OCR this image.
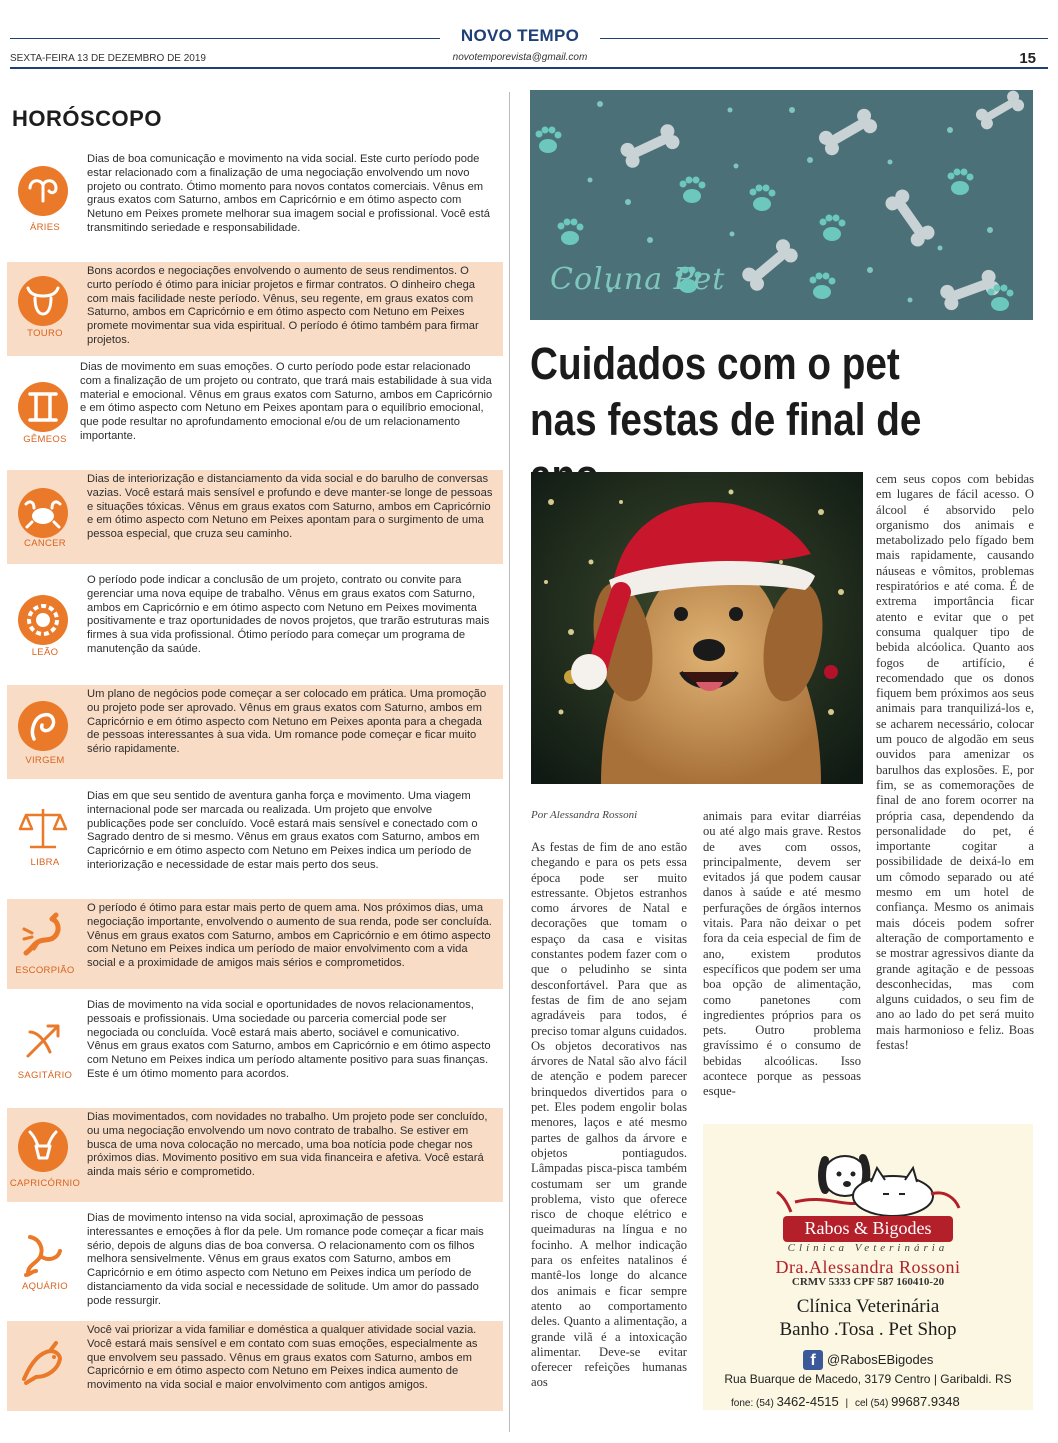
NOVO TEMPO
SEXTA-FEIRA 13 DE DEZEMBRO DE 2019	novotemporevista@gmail.com	15
HORÓSCOPO
ÁRIES
Dias de boa comunicação e movimento na vida social. Este curto período pode estar relacionado com a finalização de uma negociação envolvendo um novo projeto ou contrato. Ótimo momento para novos contatos comerciais. Vênus em graus exatos com Saturno, ambos em Capricórnio e em ótimo aspecto com Netuno em Peixes promete melhorar sua imagem social e profissional. Você está transmitindo seriedade e responsabilidade.
TOURO
Bons acordos e negociações envolvendo o aumento de seus rendimentos. O curto período é ótimo para iniciar projetos e firmar contratos. O dinheiro chega com mais facilidade neste período. Vênus, seu regente, em graus exatos com Saturno, ambos em Capricórnio e em ótimo aspecto com Netuno em Peixes promete movimentar sua vida espiritual. O período é ótimo também para firmar projetos.
GÊMEOS
Dias de movimento em suas emoções. O curto período pode estar relacionado com a finalização de um projeto ou contrato, que trará mais estabilidade à sua vida material e emocional. Vênus em graus exatos com Saturno, ambos em Capricórnio e em ótimo aspecto com Netuno em Peixes apontam para o equilíbrio emocional, que pode resultar no aprofundamento emocional e/ou de um relacionamento importante.
CANCER
Dias de interiorização e distanciamento da vida social e do barulho de conversas vazias. Você estará mais sensível e profundo e deve manter-se longe de pessoas e situações tóxicas. Vênus em graus exatos com Saturno, ambos em Capricórnio e em ótimo aspecto com Netuno em Peixes apontam para o surgimento de uma pessoa especial, que cruza seu caminho.
LEÃO
O período pode indicar a conclusão de um projeto, contrato ou convite para gerenciar uma nova equipe de trabalho. Vênus em graus exatos com Saturno, ambos em Capricórnio e em ótimo aspecto com Netuno em Peixes movimenta positivamente e traz oportunidades de novos projetos, que trarão estruturas mais firmes à sua vida profissional. Ótimo período para começar um programa de manutenção da saúde.
VIRGEM
Um plano de negócios pode começar a ser colocado em prática. Uma promoção ou projeto pode ser aprovado. Vênus em graus exatos com Saturno, ambos em Capricórnio e em ótimo aspecto com Netuno em Peixes aponta para a chegada de pessoas interessantes à sua vida. Um romance pode começar e ficar muito sério rapidamente.
LIBRA
Dias em que seu sentido de aventura ganha força e movimento. Uma viagem internacional pode ser marcada ou realizada. Um projeto que envolve publicações pode ser concluído. Você estará mais sensível e conectado com o Sagrado dentro de si mesmo. Vênus em graus exatos com Saturno, ambos em Capricórnio e em ótimo aspecto com Netuno em Peixes indica um período de interiorização e necessidade de estar mais perto dos seus.
ESCORPIÃO
O período é ótimo para estar mais perto de quem ama. Nos próximos dias, uma negociação importante, envolvendo o aumento de sua renda, pode ser concluída. Vênus em graus exatos com Saturno, ambos em Capricórnio e em ótimo aspecto com Netuno em Peixes indica um período de maior envolvimento com a vida social e a proximidade de amigos mais sérios e comprometidos.
SAGITÁRIO
Dias de movimento na vida social e oportunidades de novos relacionamentos, pessoais e profissionais. Uma sociedade ou parceria comercial pode ser negociada ou concluída. Você estará mais aberto, sociável e comunicativo. Vênus em graus exatos com Saturno, ambos em Capricórnio e em ótimo aspecto com Netuno em Peixes indica um período altamente positivo para suas finanças. Este é um ótimo momento para acordos.
CAPRICÓRNIO
Dias movimentados, com novidades no trabalho. Um projeto pode ser concluído, ou uma negociação envolvendo um novo contrato de trabalho. Se estiver em busca de uma nova colocação no mercado, uma boa notícia pode chegar nos próximos dias. Movimento positivo em sua vida financeira e afetiva. Você estará ainda mais sério e comprometido.
AQUÁRIO
Dias de movimento intenso na vida social, aproximação de pessoas interessantes e emoções à flor da pele. Um romance pode começar a ficar mais sério, depois de alguns dias de boa conversa. O relacionamento com os filhos melhora sensivelmente. Vênus em graus exatos com Saturno, ambos em Capricórnio e em ótimo aspecto com Netuno em Peixes indica um período de distanciamento da vida social e necessidade de solitude. Um amor do passado pode ressurgir.
Você vai priorizar a vida familiar e doméstica a qualquer atividade social vazia. Você estará mais sensível e em contato com suas emoções, especialmente as que envolvem seu passado. Vênus em graus exatos com Saturno, ambos em Capricórnio e em ótimo aspecto com Netuno em Peixes indica aumento de movimento na vida social e maior envolvimento com antigos amigos.
Coluna Pet
Cuidados com o pet nas festas de final de
Por Alessandra Rossoni
As festas de fim de ano estão chegando e para os pets essa época pode ser muito estressante. Objetos estranhos como árvores de Natal e decorações que tomam o espaço da casa e visitas constantes podem fazer com o que o peludinho se sinta desconfortável. Para que as festas de fim de ano sejam agradáveis para todos, é preciso tomar alguns cuidados. Os objetos decorativos nas árvores de Natal são alvo fácil de atenção e podem parecer brinquedos divertidos para o pet. Eles podem engolir bolas menores, laços e até mesmo partes de galhos da árvore e objetos pontiagudos. Lâmpadas pisca-pisca também costumam ser um grande problema, visto que oferece risco de choque elétrico e queimaduras na língua e no focinho. A melhor indicação para os enfeites natalinos é mantê-los longe do alcance dos animais e ficar sempre atento ao comportamento deles. Quanto a alimentação, a grande vilã é a intoxicação alimentar. Deve-se evitar oferecer refeições humanas aos
animais para evitar diarréias ou até algo mais grave. Restos de aves com ossos, principalmente, devem ser evitados já que podem causar danos à saúde e até mesmo perfurações de órgãos internos vitais. Para não deixar o pet fora da ceia especial de fim de ano, existem produtos específicos que podem ser uma boa opção de alimentação, como panetones com ingredientes próprios para os pets. Outro problema gravíssimo é o consumo de bebidas alcoólicas. Isso acontece porque as pessoas esque-
cem seus copos com bebidas em lugares de fácil acesso. O álcool é absorvido pelo organismo dos animais e metabolizado pelo fígado bem mais rapidamente, causando náuseas e vômitos, problemas respiratórios e até coma. É de extrema importância ficar atento e evitar que o pet consuma qualquer tipo de bebida alcóolica. Quanto aos fogos de artifício, é recomendado que os donos fiquem bem próximos aos seus animais para tranquilizá-los e, se acharem necessário, colocar um pouco de algodão em seus ouvidos para amenizar os barulhos das explosões. E, por fim, se as comemorações de final de ano forem ocorrer na própria casa, dependendo da personalidade do pet, é importante cogitar a possibilidade de deixá-lo em um cômodo separado ou até mesmo em um hotel de confiança. Mesmo os animais mais dóceis podem sofrer alteração de comportamento e se mostrar agressivos diante da grande agitação e de pessoas desconhecidas, mas com alguns cuidados, o seu fim de ano ao lado do pet será muito mais harmonioso e feliz. Boas festas!
Rabos & Bigodes
Clínica Veterinária
Dra.Alessandra Rossoni
CRMV 5333 CPF 587 160410-20
Clínica Veterinária
Banho .Tosa . Pet Shop
f @RabosEBigodes
Rua Buarque de Macedo, 3179 Centro | Garibaldi. RS
fone: (54) 3462-4515 | cel (54) 99687.9348
